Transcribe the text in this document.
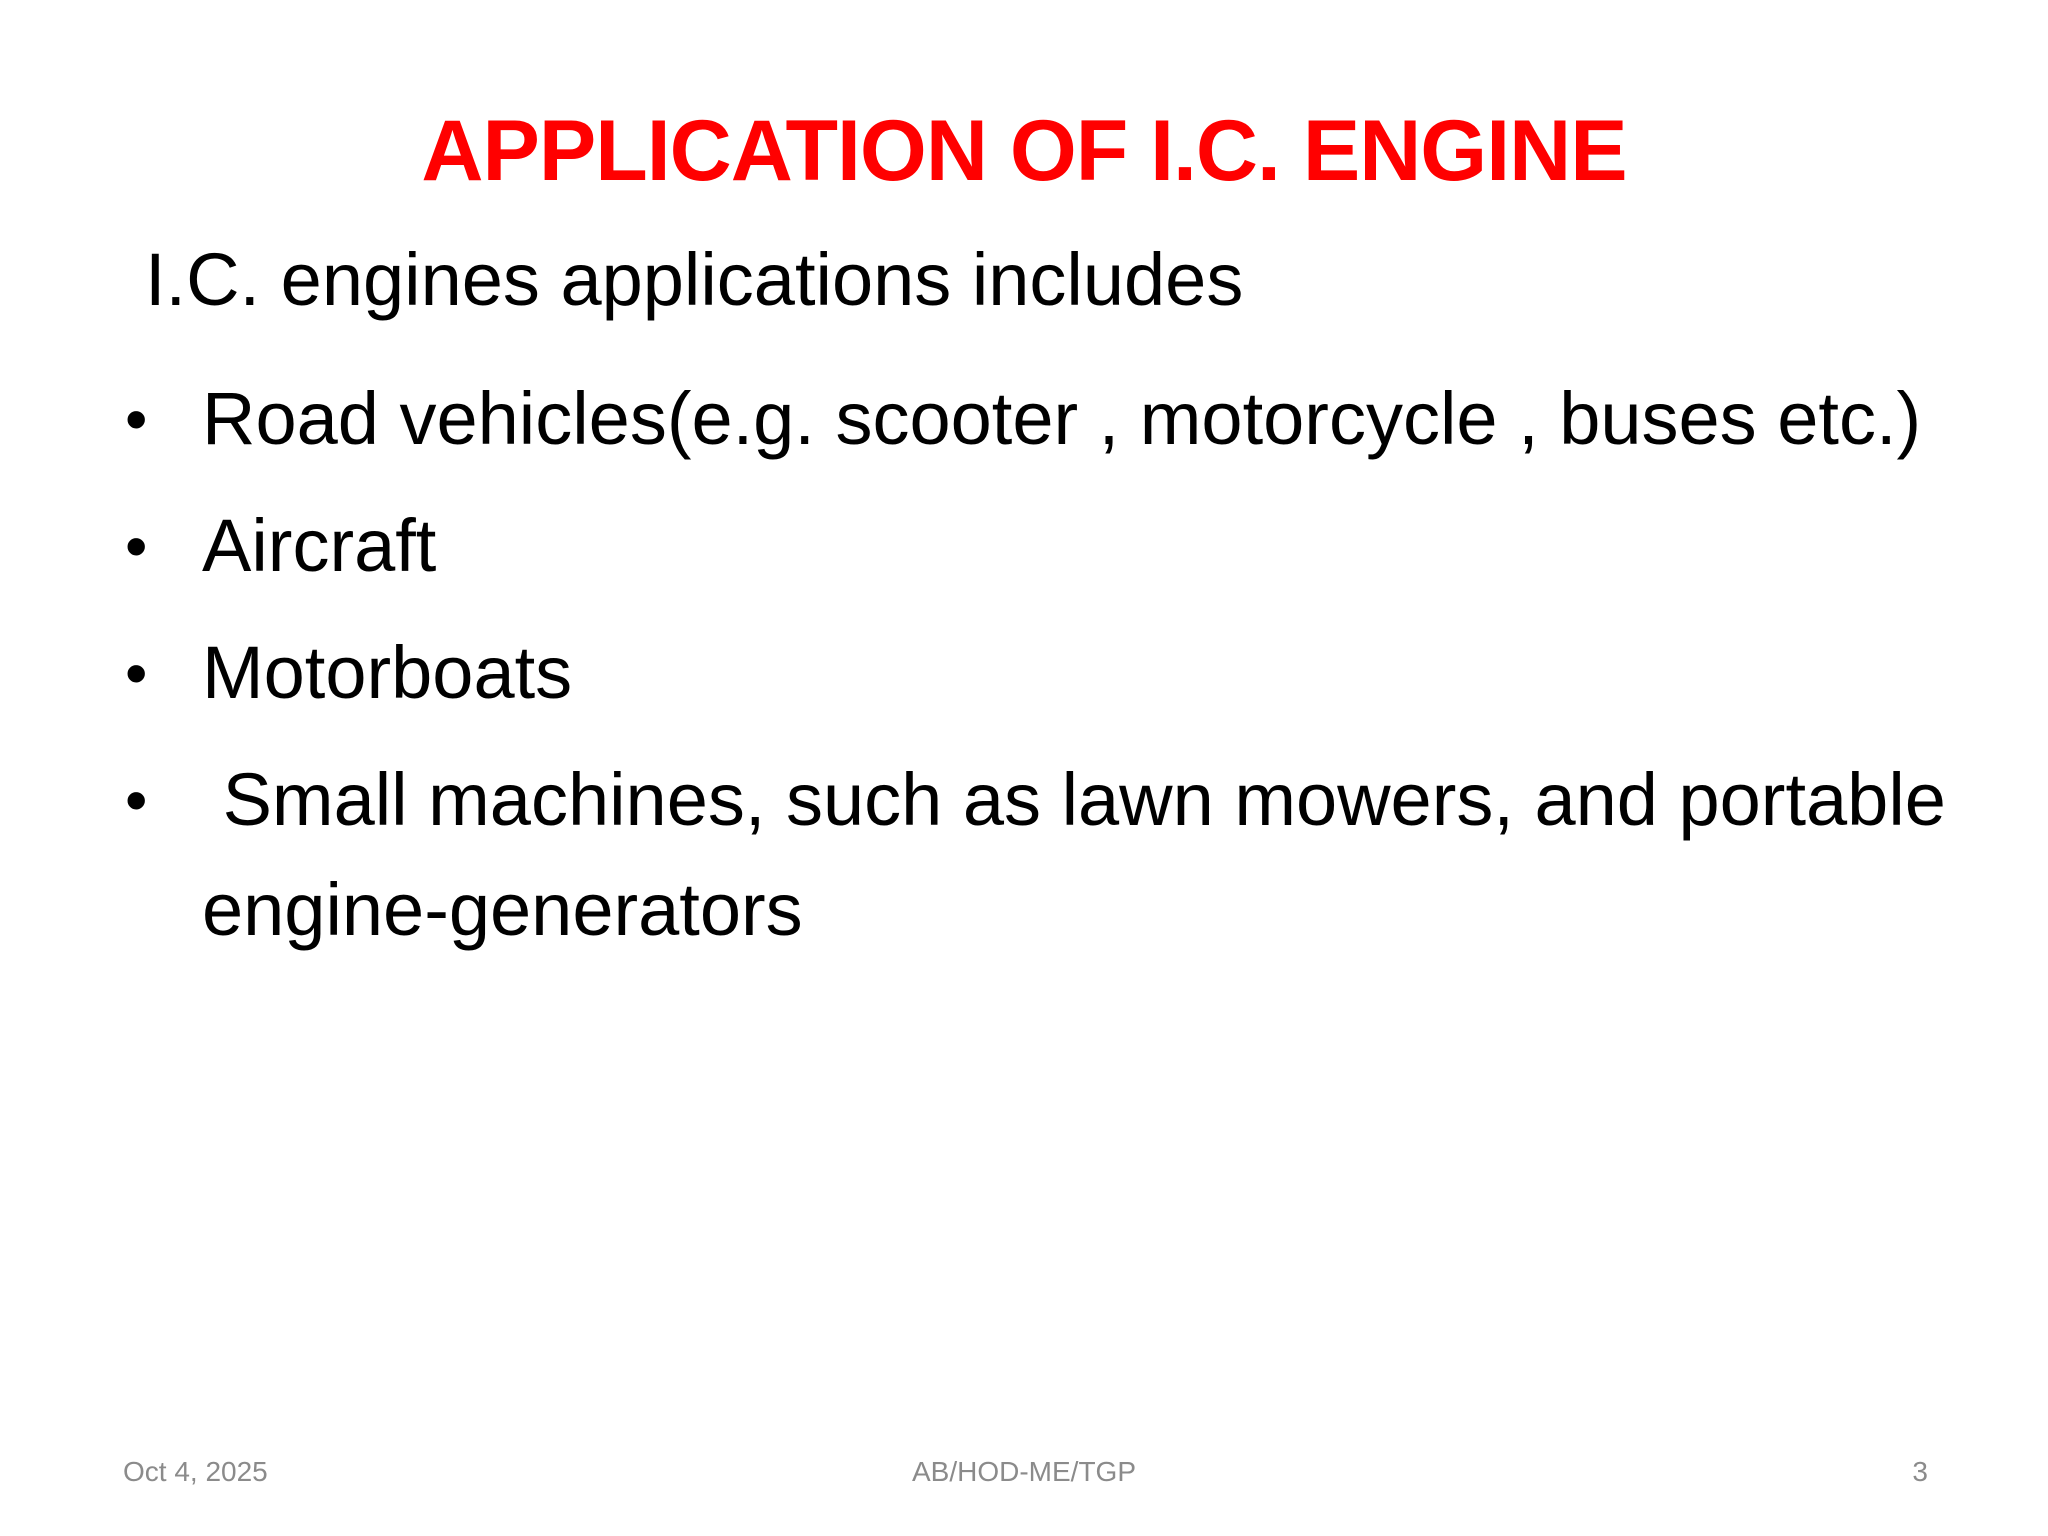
APPLICATION OF I.C. ENGINE
I.C. engines applications includes
• Road vehicles(e.g. scooter , motorcycle , buses etc.)
• Aircraft
• Motorboats
• Small machines, such as lawn mowers, and portable engine-generators
Oct 4, 2025	AB/HOD-ME/TGP	3
